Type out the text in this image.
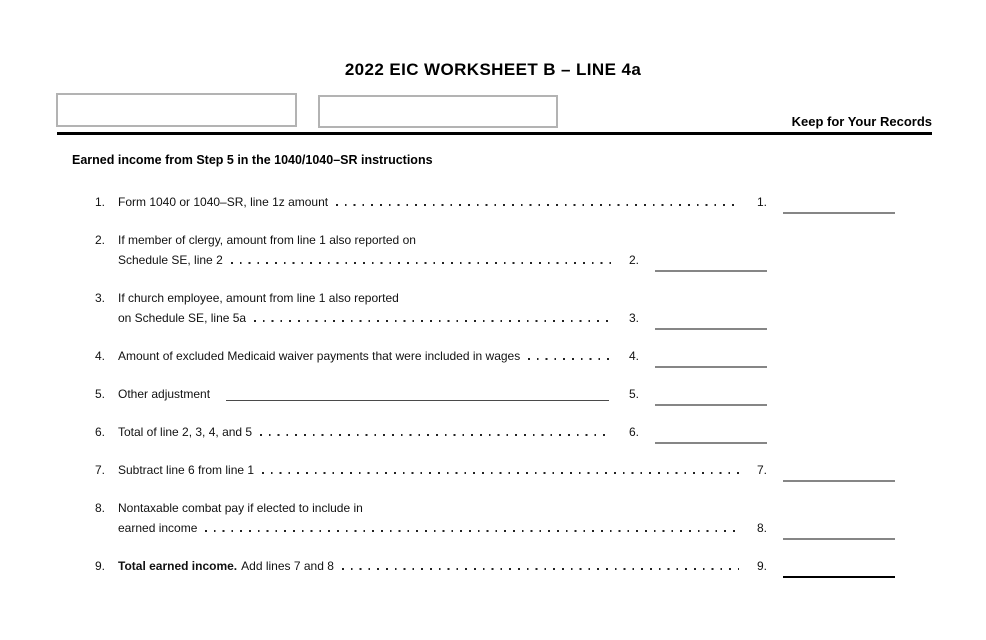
2022 EIC WORKSHEET B – LINE 4a
Keep for Your Records
Earned income from Step 5 in the 1040/1040–SR instructions
1. Form 1040 or 1040–SR, line 1z amount	1.
2. If member of clergy, amount from line 1 also reported on
Schedule SE, line 2	2.
3. If church employee, amount from line 1 also reported
on Schedule SE, line 5a	3.
4. Amount of excluded Medicaid waiver payments that were included in wages	4.
5. Other adjustment	5.
6. Total of line 2, 3, 4, and 5	6.
7. Subtract line 6 from line 1	7.
8. Nontaxable combat pay if elected to include in
earned income	8.
9. Total earned income. Add lines 7 and 8	9.
